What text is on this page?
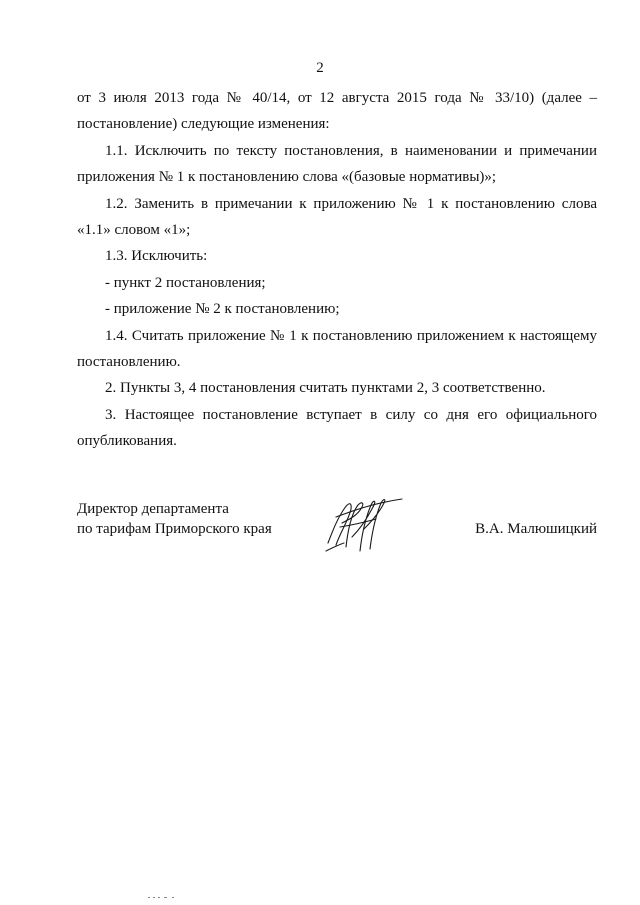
2

от 3 июля 2013 года № 40/14, от 12 августа 2015 года № 33/10) (далее – постановление) следующие изменения:

1.1. Исключить по тексту постановления, в наименовании и примечании приложения № 1 к постановлению слова «(базовые нормативы)»;

1.2. Заменить в примечании к приложению № 1 к постановлению слова «1.1» словом «1»;

1.3. Исключить:

- пункт 2 постановления;

- приложение № 2 к постановлению;

1.4. Считать приложение № 1 к постановлению приложением к настоящему постановлению.

2. Пункты 3, 4 постановления считать пунктами 2, 3 соответственно.

3. Настоящее постановление вступает в силу со дня его официального опубликования.

Директор департамента
по тарифам Приморского края	В.А. Малюшицкий
